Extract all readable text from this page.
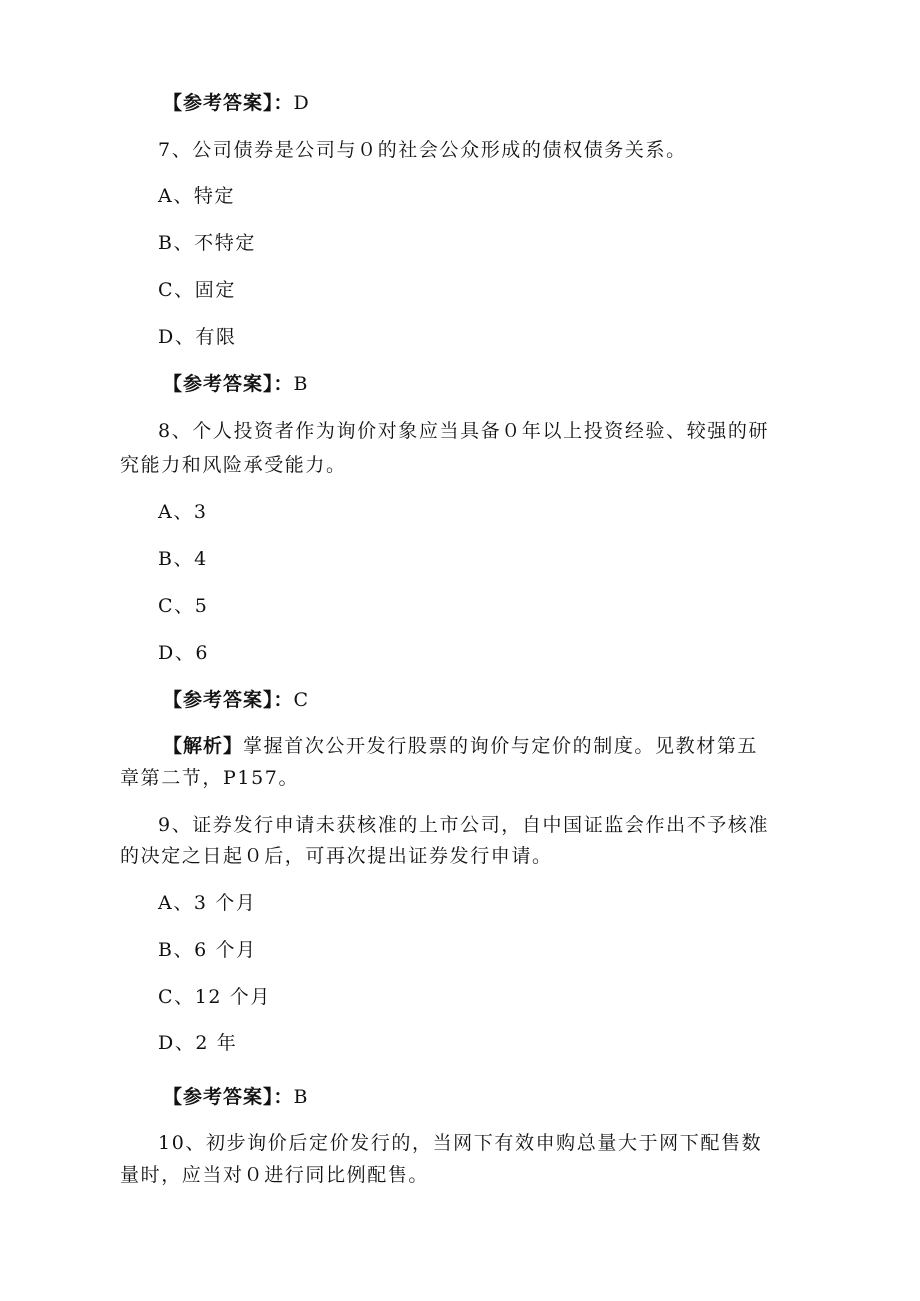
【参考答案】：D
7、公司债券是公司与０的社会公众形成的债权债务关系。
A、特定
B、不特定
C、固定
D、有限
【参考答案】：B
8、个人投资者作为询价对象应当具备０年以上投资经验、较强的研
究能力和风险承受能力。
A、3
B、4
C、5
D、6
【参考答案】：C
【解析】掌握首次公开发行股票的询价与定价的制度。见教材第五
章第二节，P157。
9、证券发行申请未获核准的上市公司，自中国证监会作出不予核准
的决定之日起０后，可再次提出证券发行申请。
A、3 个月
B、6 个月
C、12 个月
D、2 年
【参考答案】：B
10、初步询价后定价发行的，当网下有效申购总量大于网下配售数
量时，应当对０进行同比例配售。
